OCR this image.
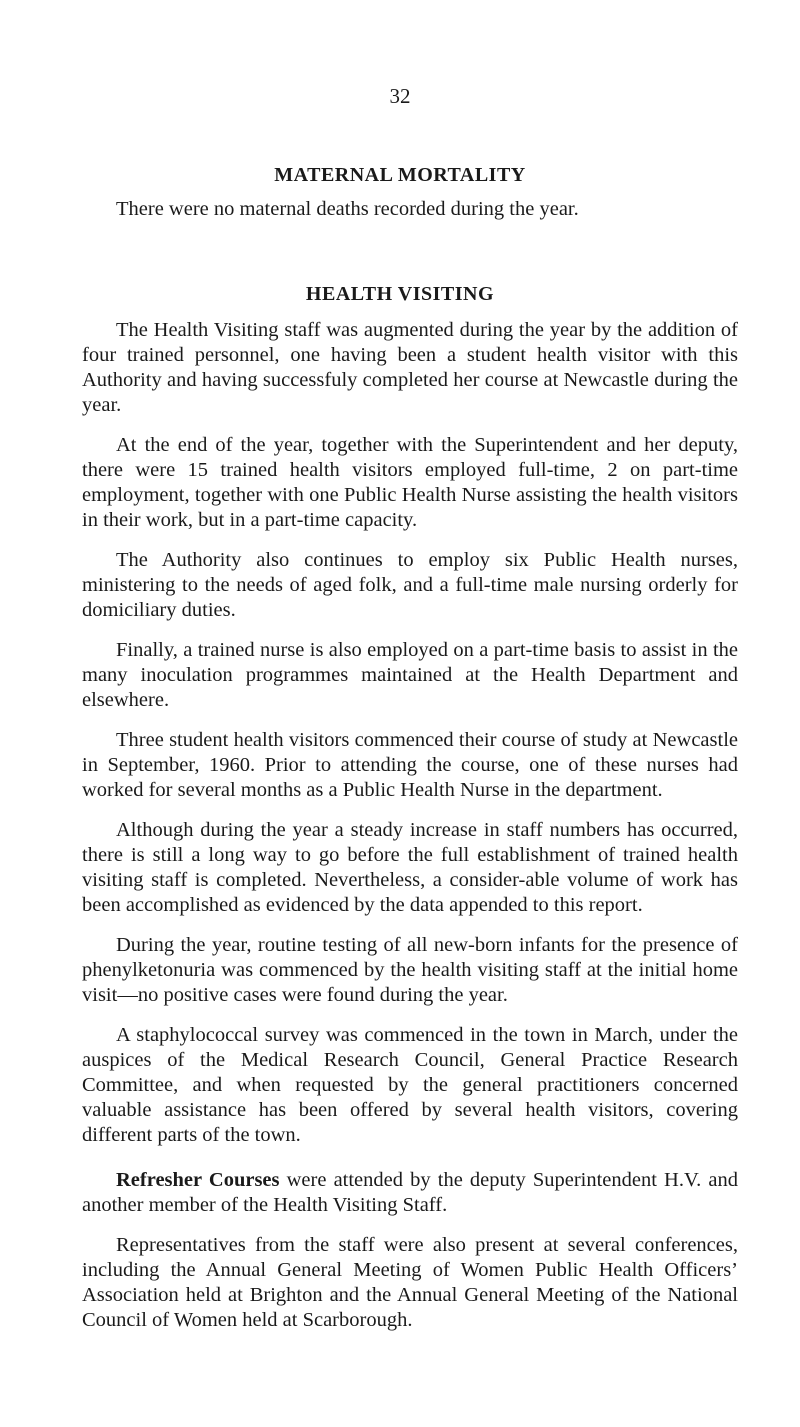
32
MATERNAL MORTALITY

There were no maternal deaths recorded during the year.

HEALTH VISITING

The Health Visiting staff was augmented during the year by the addition of four trained personnel, one having been a student health visitor with this Authority and having successfuly completed her course at Newcastle during the year.

At the end of the year, together with the Superintendent and her deputy, there were 15 trained health visitors employed full-time, 2 on part-time employment, together with one Public Health Nurse assisting the health visitors in their work, but in a part-time capacity.

The Authority also continues to employ six Public Health nurses, ministering to the needs of aged folk, and a full-time male nursing orderly for domiciliary duties.

Finally, a trained nurse is also employed on a part-time basis to assist in the many inoculation programmes maintained at the Health Department and elsewhere.

Three student health visitors commenced their course of study at Newcastle in September, 1960. Prior to attending the course, one of these nurses had worked for several months as a Public Health Nurse in the department.

Although during the year a steady increase in staff numbers has occurred, there is still a long way to go before the full establishment of trained health visiting staff is completed. Nevertheless, a consider-able volume of work has been accomplished as evidenced by the data appended to this report.

During the year, routine testing of all new-born infants for the presence of phenylketonuria was commenced by the health visiting staff at the initial home visit—no positive cases were found during the year.

A staphylococcal survey was commenced in the town in March, under the auspices of the Medical Research Council, General Practice Research Committee, and when requested by the general practitioners concerned valuable assistance has been offered by several health visitors, covering different parts of the town.

Refresher Courses were attended by the deputy Superintendent H.V. and another member of the Health Visiting Staff.

Representatives from the staff were also present at several conferences, including the Annual General Meeting of Women Public Health Officers’ Association held at Brighton and the Annual General Meeting of the National Council of Women held at Scarborough.
